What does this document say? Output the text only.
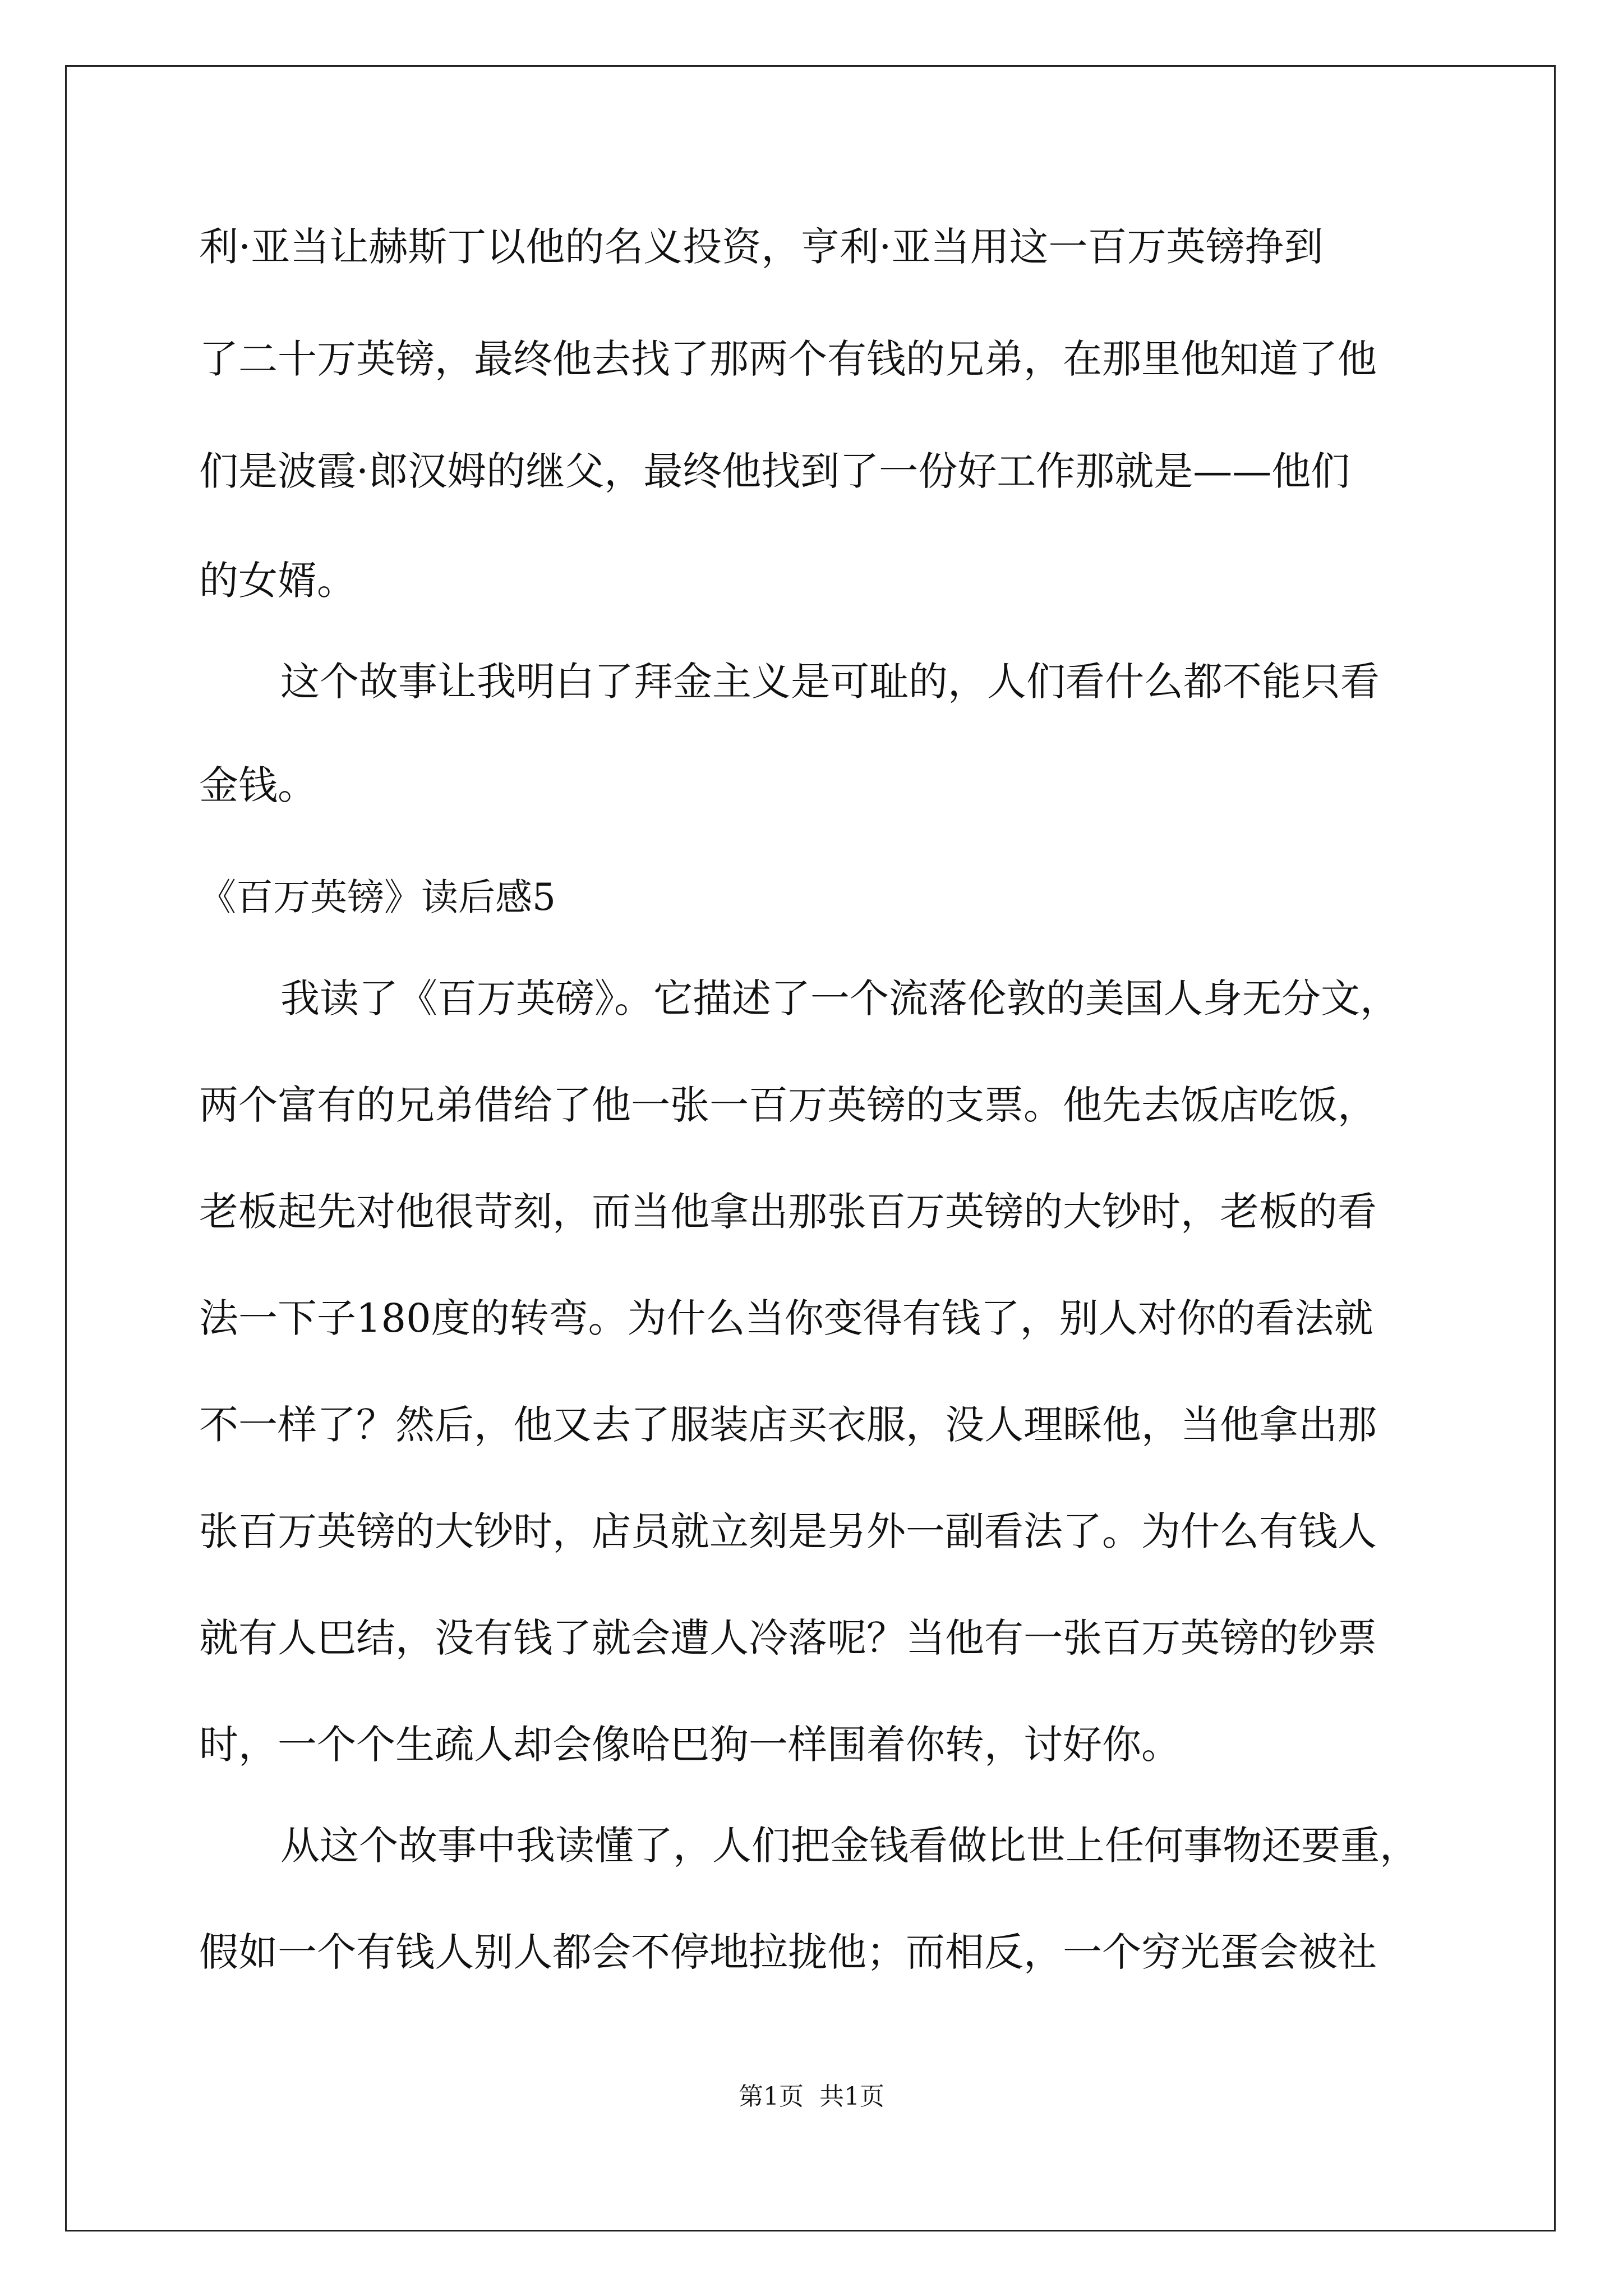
利·亚当让赫斯丁以他的名义投资，亨利·亚当用这一百万英镑挣到
了二十万英镑，最终他去找了那两个有钱的兄弟，在那里他知道了他
们是波霞·郎汉姆的继父，最终他找到了一份好工作那就是——他们
的女婿。
这个故事让我明白了拜金主义是可耻的，人们看什么都不能只看
金钱。
《百万英镑》读后感5
我读了《百万英磅》。它描述了一个流落伦敦的美国人身无分文，
两个富有的兄弟借给了他一张一百万英镑的支票。他先去饭店吃饭，
老板起先对他很苛刻，而当他拿出那张百万英镑的大钞时，老板的看
法一下子180度的转弯。为什么当你变得有钱了，别人对你的看法就
不一样了？然后，他又去了服装店买衣服，没人理睬他，当他拿出那
张百万英镑的大钞时，店员就立刻是另外一副看法了。为什么有钱人
就有人巴结，没有钱了就会遭人冷落呢？当他有一张百万英镑的钞票
时，一个个生疏人却会像哈巴狗一样围着你转，讨好你。
从这个故事中我读懂了，人们把金钱看做比世上任何事物还要重，
假如一个有钱人别人都会不停地拉拢他；而相反，一个穷光蛋会被社
第1页  共1页
